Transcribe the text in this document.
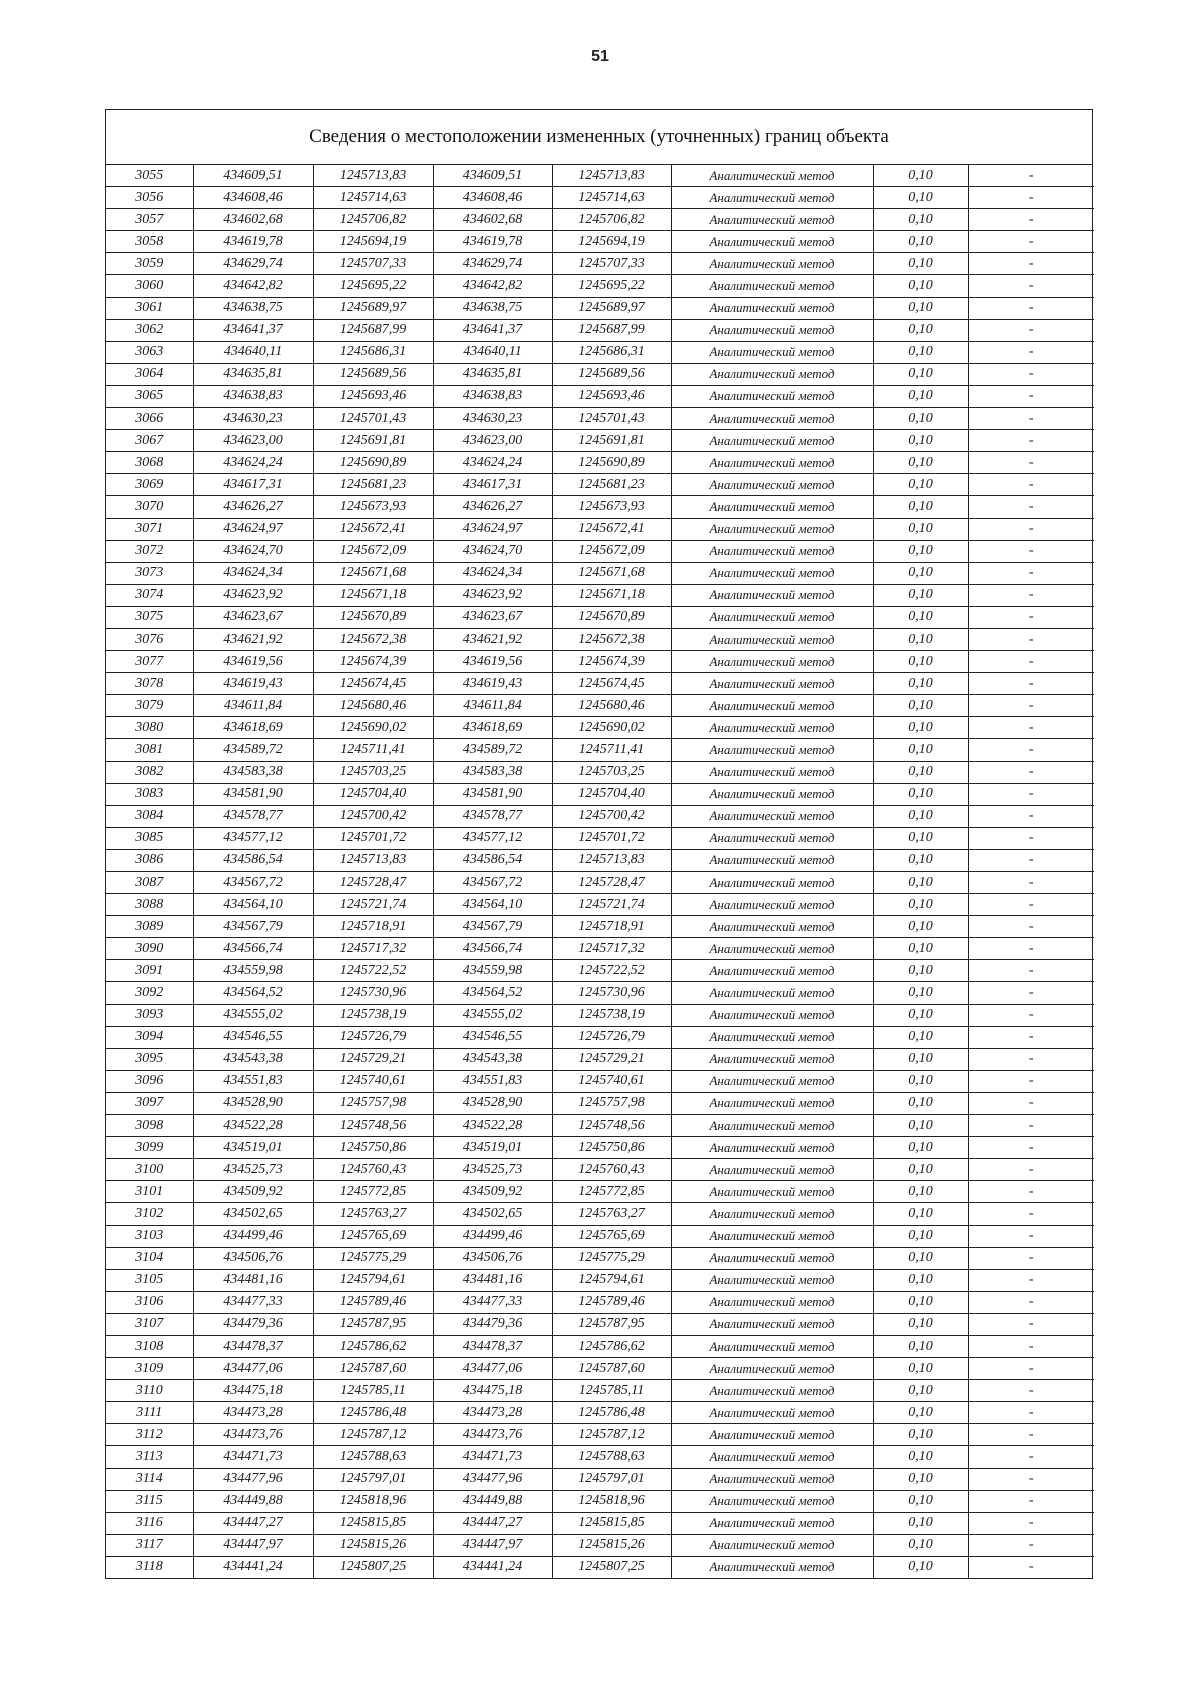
51
Сведения о местоположении измененных (уточненных) границ объекта
3055	434609,51	1245713,83	434609,51	1245713,83	Аналитический метод	0,10	-
3056	434608,46	1245714,63	434608,46	1245714,63	Аналитический метод	0,10	-
3057	434602,68	1245706,82	434602,68	1245706,82	Аналитический метод	0,10	-
3058	434619,78	1245694,19	434619,78	1245694,19	Аналитический метод	0,10	-
3059	434629,74	1245707,33	434629,74	1245707,33	Аналитический метод	0,10	-
3060	434642,82	1245695,22	434642,82	1245695,22	Аналитический метод	0,10	-
3061	434638,75	1245689,97	434638,75	1245689,97	Аналитический метод	0,10	-
3062	434641,37	1245687,99	434641,37	1245687,99	Аналитический метод	0,10	-
3063	434640,11	1245686,31	434640,11	1245686,31	Аналитический метод	0,10	-
3064	434635,81	1245689,56	434635,81	1245689,56	Аналитический метод	0,10	-
3065	434638,83	1245693,46	434638,83	1245693,46	Аналитический метод	0,10	-
3066	434630,23	1245701,43	434630,23	1245701,43	Аналитический метод	0,10	-
3067	434623,00	1245691,81	434623,00	1245691,81	Аналитический метод	0,10	-
3068	434624,24	1245690,89	434624,24	1245690,89	Аналитический метод	0,10	-
3069	434617,31	1245681,23	434617,31	1245681,23	Аналитический метод	0,10	-
3070	434626,27	1245673,93	434626,27	1245673,93	Аналитический метод	0,10	-
3071	434624,97	1245672,41	434624,97	1245672,41	Аналитический метод	0,10	-
3072	434624,70	1245672,09	434624,70	1245672,09	Аналитический метод	0,10	-
3073	434624,34	1245671,68	434624,34	1245671,68	Аналитический метод	0,10	-
3074	434623,92	1245671,18	434623,92	1245671,18	Аналитический метод	0,10	-
3075	434623,67	1245670,89	434623,67	1245670,89	Аналитический метод	0,10	-
3076	434621,92	1245672,38	434621,92	1245672,38	Аналитический метод	0,10	-
3077	434619,56	1245674,39	434619,56	1245674,39	Аналитический метод	0,10	-
3078	434619,43	1245674,45	434619,43	1245674,45	Аналитический метод	0,10	-
3079	434611,84	1245680,46	434611,84	1245680,46	Аналитический метод	0,10	-
3080	434618,69	1245690,02	434618,69	1245690,02	Аналитический метод	0,10	-
3081	434589,72	1245711,41	434589,72	1245711,41	Аналитический метод	0,10	-
3082	434583,38	1245703,25	434583,38	1245703,25	Аналитический метод	0,10	-
3083	434581,90	1245704,40	434581,90	1245704,40	Аналитический метод	0,10	-
3084	434578,77	1245700,42	434578,77	1245700,42	Аналитический метод	0,10	-
3085	434577,12	1245701,72	434577,12	1245701,72	Аналитический метод	0,10	-
3086	434586,54	1245713,83	434586,54	1245713,83	Аналитический метод	0,10	-
3087	434567,72	1245728,47	434567,72	1245728,47	Аналитический метод	0,10	-
3088	434564,10	1245721,74	434564,10	1245721,74	Аналитический метод	0,10	-
3089	434567,79	1245718,91	434567,79	1245718,91	Аналитический метод	0,10	-
3090	434566,74	1245717,32	434566,74	1245717,32	Аналитический метод	0,10	-
3091	434559,98	1245722,52	434559,98	1245722,52	Аналитический метод	0,10	-
3092	434564,52	1245730,96	434564,52	1245730,96	Аналитический метод	0,10	-
3093	434555,02	1245738,19	434555,02	1245738,19	Аналитический метод	0,10	-
3094	434546,55	1245726,79	434546,55	1245726,79	Аналитический метод	0,10	-
3095	434543,38	1245729,21	434543,38	1245729,21	Аналитический метод	0,10	-
3096	434551,83	1245740,61	434551,83	1245740,61	Аналитический метод	0,10	-
3097	434528,90	1245757,98	434528,90	1245757,98	Аналитический метод	0,10	-
3098	434522,28	1245748,56	434522,28	1245748,56	Аналитический метод	0,10	-
3099	434519,01	1245750,86	434519,01	1245750,86	Аналитический метод	0,10	-
3100	434525,73	1245760,43	434525,73	1245760,43	Аналитический метод	0,10	-
3101	434509,92	1245772,85	434509,92	1245772,85	Аналитический метод	0,10	-
3102	434502,65	1245763,27	434502,65	1245763,27	Аналитический метод	0,10	-
3103	434499,46	1245765,69	434499,46	1245765,69	Аналитический метод	0,10	-
3104	434506,76	1245775,29	434506,76	1245775,29	Аналитический метод	0,10	-
3105	434481,16	1245794,61	434481,16	1245794,61	Аналитический метод	0,10	-
3106	434477,33	1245789,46	434477,33	1245789,46	Аналитический метод	0,10	-
3107	434479,36	1245787,95	434479,36	1245787,95	Аналитический метод	0,10	-
3108	434478,37	1245786,62	434478,37	1245786,62	Аналитический метод	0,10	-
3109	434477,06	1245787,60	434477,06	1245787,60	Аналитический метод	0,10	-
3110	434475,18	1245785,11	434475,18	1245785,11	Аналитический метод	0,10	-
3111	434473,28	1245786,48	434473,28	1245786,48	Аналитический метод	0,10	-
3112	434473,76	1245787,12	434473,76	1245787,12	Аналитический метод	0,10	-
3113	434471,73	1245788,63	434471,73	1245788,63	Аналитический метод	0,10	-
3114	434477,96	1245797,01	434477,96	1245797,01	Аналитический метод	0,10	-
3115	434449,88	1245818,96	434449,88	1245818,96	Аналитический метод	0,10	-
3116	434447,27	1245815,85	434447,27	1245815,85	Аналитический метод	0,10	-
3117	434447,97	1245815,26	434447,97	1245815,26	Аналитический метод	0,10	-
3118	434441,24	1245807,25	434441,24	1245807,25	Аналитический метод	0,10	-
